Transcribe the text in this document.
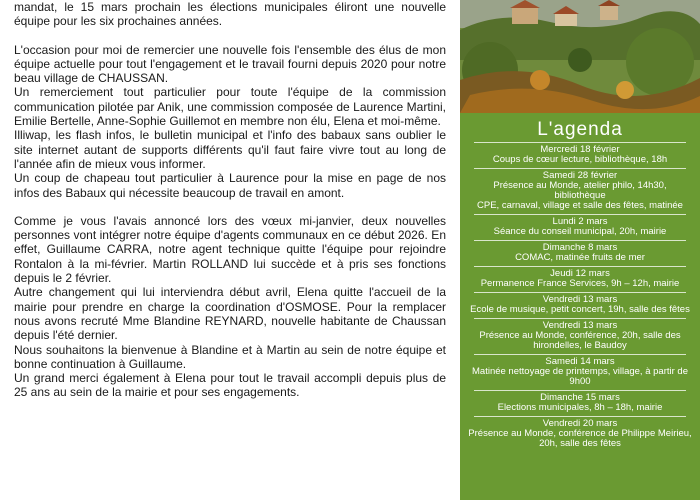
mandat, le 15 mars prochain les élections municipales éliront une nouvelle équipe pour les six prochaines années.

L'occasion pour moi de remercier une nouvelle fois l'ensemble des élus de mon équipe actuelle pour tout l'engagement et le travail fourni depuis 2020 pour notre beau village de CHAUSSAN.

Un remerciement tout particulier pour toute l'équipe de la commission communication pilotée par Anik, une commission composée de Laurence Martini, Emilie Bertelle, Anne-Sophie Guillemot en membre non élu, Elena et moi-même.

Illiwap, les flash infos, le bulletin municipal et l'info des babaux sans oublier le site internet autant de supports différents qu'il faut faire vivre tout au long de l'année afin de mieux vous informer.

Un coup de chapeau tout particulier à Laurence pour la mise en page de nos infos des Babaux qui nécessite beaucoup de travail en amont.

Comme je vous l'avais annoncé lors des vœux mi-janvier, deux nouvelles personnes vont intégrer notre équipe d'agents communaux en ce début 2026. En effet, Guillaume CARRA, notre agent technique quitte l'équipe pour rejoindre Rontalon à la mi-février. Martin ROLLAND lui succède et à pris ses fonctions depuis le 2 février.

Autre changement qui lui interviendra début avril, Elena quitte l'accueil de la mairie pour prendre en charge la coordination d'OSMOSE. Pour la remplacer nous avons recruté Mme Blandine REYNARD, nouvelle habitante de Chaussan depuis l'été dernier.

Nous souhaitons la bienvenue à Blandine et à Martin au sein de notre équipe et bonne continuation à Guillaume.

Un grand merci également à Elena pour tout le travail accompli depuis plus de 25 ans au sein de la mairie et pour ses engagements.

L'agenda
Mercredi 18 février
Coups de cœur lecture, bibliothèque, 18h
Samedi 28 février
Présence au Monde, atelier philo, 14h30, bibliothèque
CPE, carnaval, village et salle des fêtes, matinée
Lundi 2 mars
Séance du conseil municipal, 20h, mairie
Dimanche 8 mars
COMAC, matinée fruits de mer
Jeudi 12 mars
Permanence France Services, 9h – 12h, mairie
Vendredi 13 mars
Ecole de musique, petit concert, 19h, salle des fêtes
Vendredi 13 mars
Présence au Monde, conférence, 20h, salle des hirondelles, le Baudoy
Samedi 14 mars
Matinée nettoyage de printemps, village, à partir de 9h00
Dimanche 15 mars
Elections municipales, 8h – 18h, mairie
Vendredi 20 mars
Présence au Monde, conférence de Philippe Meirieu, 20h, salle des fêtes
